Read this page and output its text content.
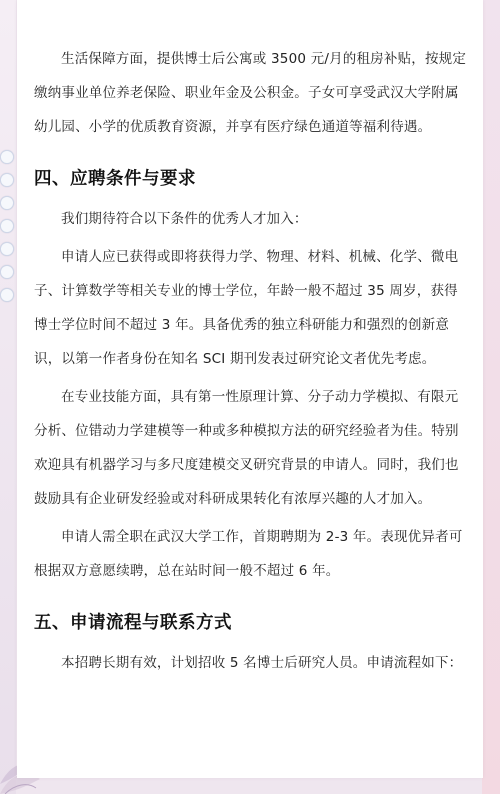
生活保障方面，提供博士后公寓或 3500 元/月的租房补贴，按规定缴纳事业单位养老保险、职业年金及公积金。子女可享受武汉大学附属幼儿园、小学的优质教育资源，并享有医疗绿色通道等福利待遇。

四、应聘条件与要求

我们期待符合以下条件的优秀人才加入：

申请人应已获得或即将获得力学、物理、材料、机械、化学、微电子、计算数学等相关专业的博士学位，年龄一般不超过 35 周岁，获得博士学位时间不超过 3 年。具备优秀的独立科研能力和强烈的创新意识，以第一作者身份在知名 SCI 期刊发表过研究论文者优先考虑。

在专业技能方面，具有第一性原理计算、分子动力学模拟、有限元分析、位错动力学建模等一种或多种模拟方法的研究经验者为佳。特别欢迎具有机器学习与多尺度建模交叉研究背景的申请人。同时，我们也鼓励具有企业研发经验或对科研成果转化有浓厚兴趣的人才加入。

申请人需全职在武汉大学工作，首期聘期为 2-3 年。表现优异者可根据双方意愿续聘，总在站时间一般不超过 6 年。

五、申请流程与联系方式

本招聘长期有效，计划招收 5 名博士后研究人员。申请流程如下：
